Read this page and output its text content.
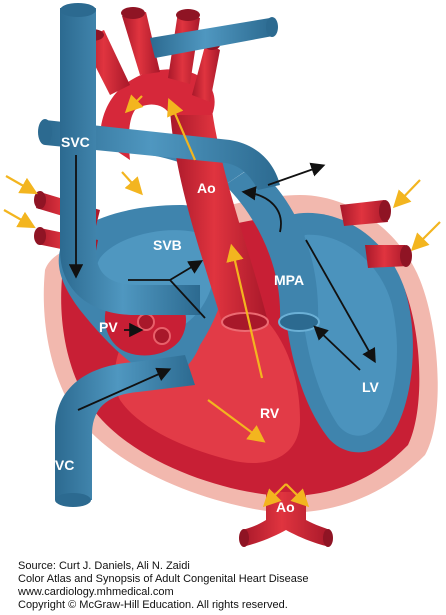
SVC
Ao
SVB
MPA
PV
RV
LV
IVC
Ao
Source: Curt J. Daniels, Ali N. Zaidi
Color Atlas and Synopsis of Adult Congenital Heart Disease
www.cardiology.mhmedical.com
Copyright © McGraw-Hill Education. All rights reserved.
